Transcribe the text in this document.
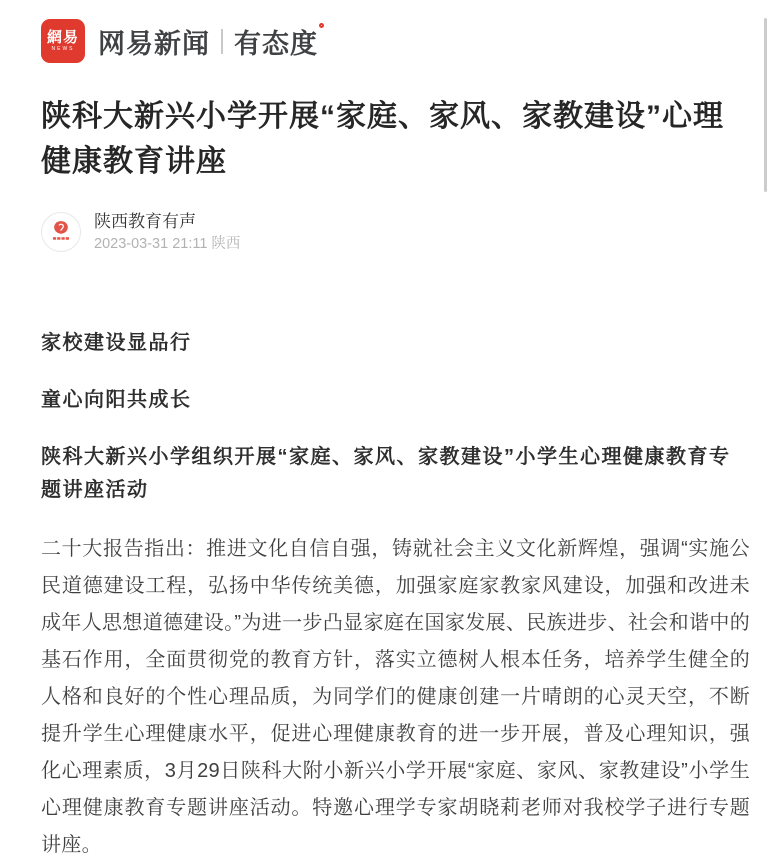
網易
NEWS 网易新闻 有态度
陕科大新兴小学开展“家庭、家风、家教建设”心理健康教育讲座
陕西教育有声
2023-03-31 21:11 陕西
家校建设显品行
童心向阳共成长
陕科大新兴小学组织开展“家庭、家风、家教建设”小学生心理健康教育专题讲座活动

二十大报告指出：推进文化自信自强，铸就社会主义文化新辉煌，强调“实施公民道德建设工程，弘扬中华传统美德，加强家庭家教家风建设，加强和改进未成年人思想道德建设。”为进一步凸显家庭在国家发展、民族进步、社会和谐中的基石作用，全面贯彻党的教育方针，落实立德树人根本任务，培养学生健全的人格和良好的个性心理品质，为同学们的健康创建一片晴朗的心灵天空，不断提升学生心理健康水平，促进心理健康教育的进一步开展，普及心理知识，强化心理素质，3月29日陕科大附小新兴小学开展“家庭、家风、家教建设”小学生心理健康教育专题讲座活动。特邀心理学专家胡晓莉老师对我校学子进行专题讲座。
